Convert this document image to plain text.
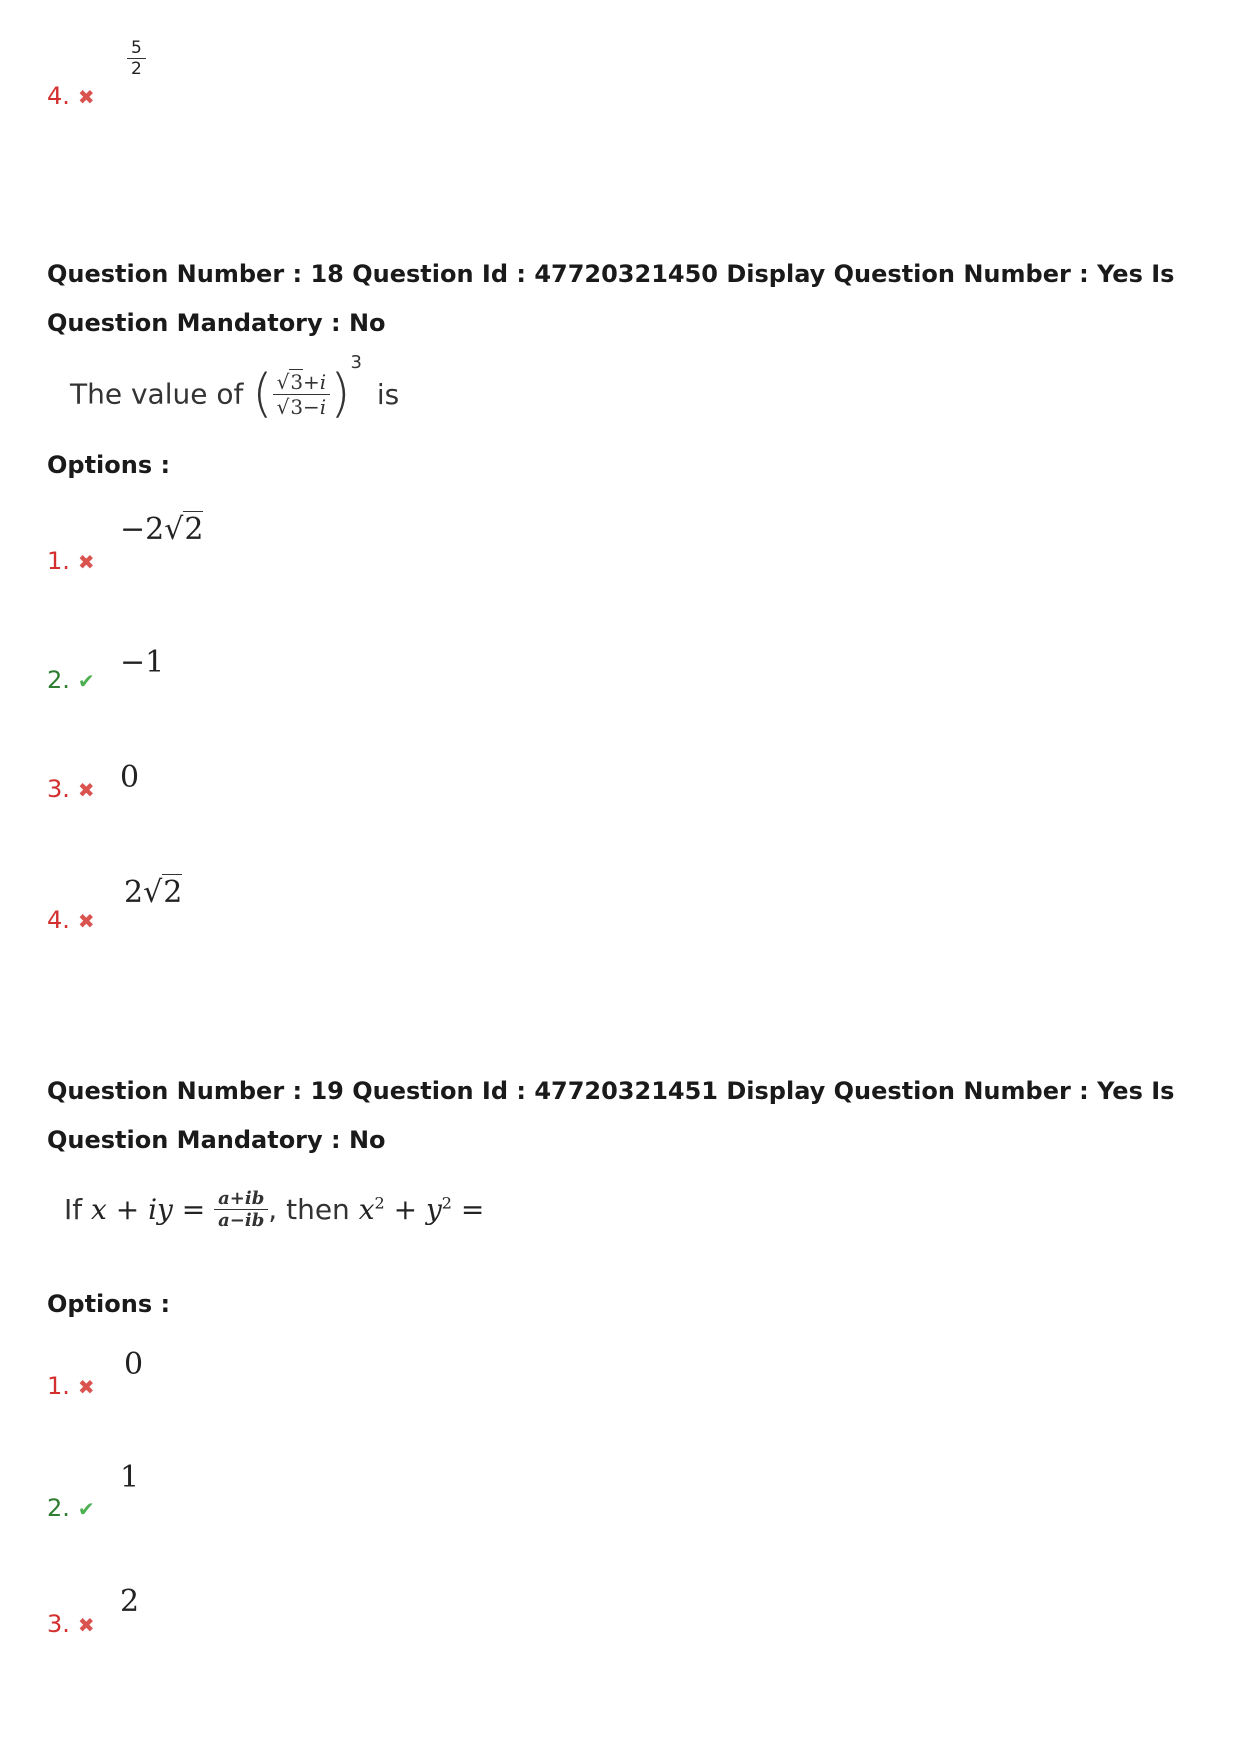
$\frac{5}{2}$
4. ✖
Question Number : 18 Question Id : 47720321450 Display Question Number : Yes Is Question Mandatory : No
The value of ( $\frac{√3+i}{√3-i} )^3$ is
Options :
−2√2
1. ✖
−1
2. ✔
0
3. ✖
2√2
4. ✖
Question Number : 19 Question Id : 47720321451 Display Question Number : Yes Is Question Mandatory : No
If x + iy = $\frac{a+ib}{a-ib}$ , then $x^2 + y^2$ =
Options :
0
1. ✖
1
2. ✔
2
3. ✖
